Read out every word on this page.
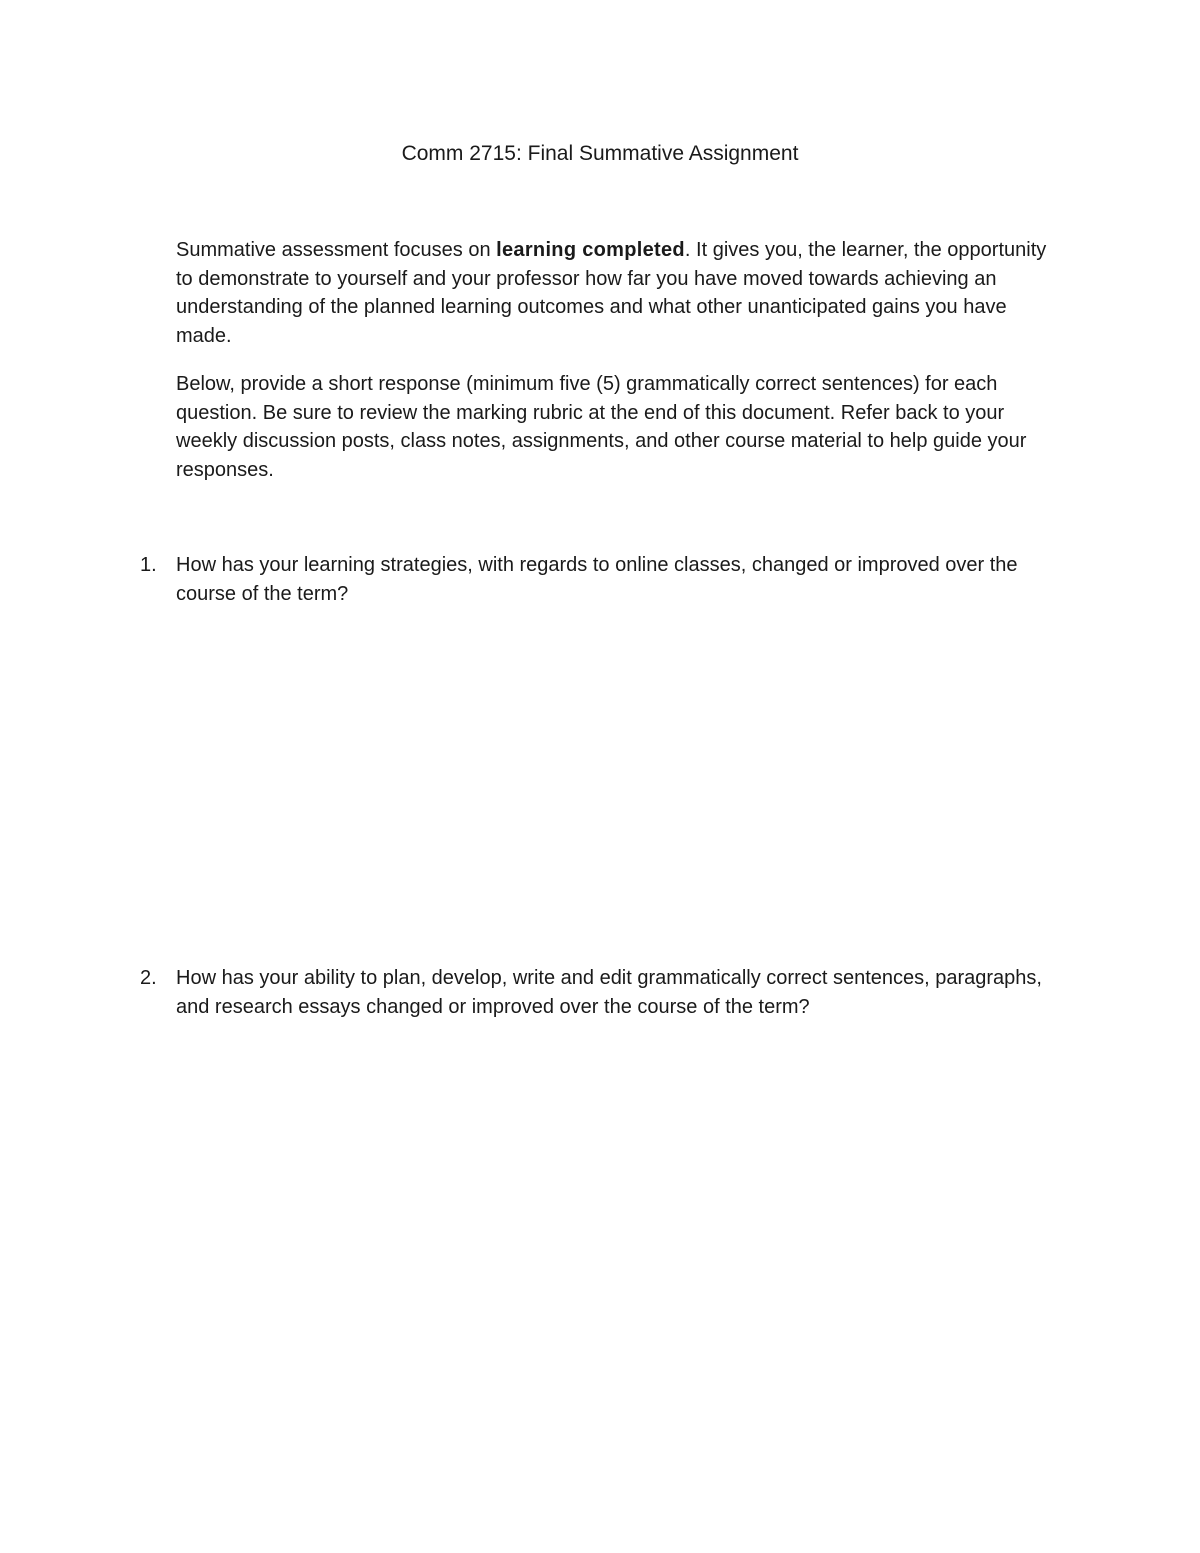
Comm 2715: Final Summative Assignment

Summative assessment focuses on learning completed. It gives you, the learner, the opportunity to demonstrate to yourself and your professor how far you have moved towards achieving an understanding of the planned learning outcomes and what other unanticipated gains you have made.

Below, provide a short response (minimum five (5) grammatically correct sentences) for each question. Be sure to review the marking rubric at the end of this document. Refer back to your weekly discussion posts, class notes, assignments, and other course material to help guide your responses.

1. How has your learning strategies, with regards to online classes, changed or improved over the course of the term?
2. How has your ability to plan, develop, write and edit grammatically correct sentences, paragraphs, and research essays changed or improved over the course of the term?
